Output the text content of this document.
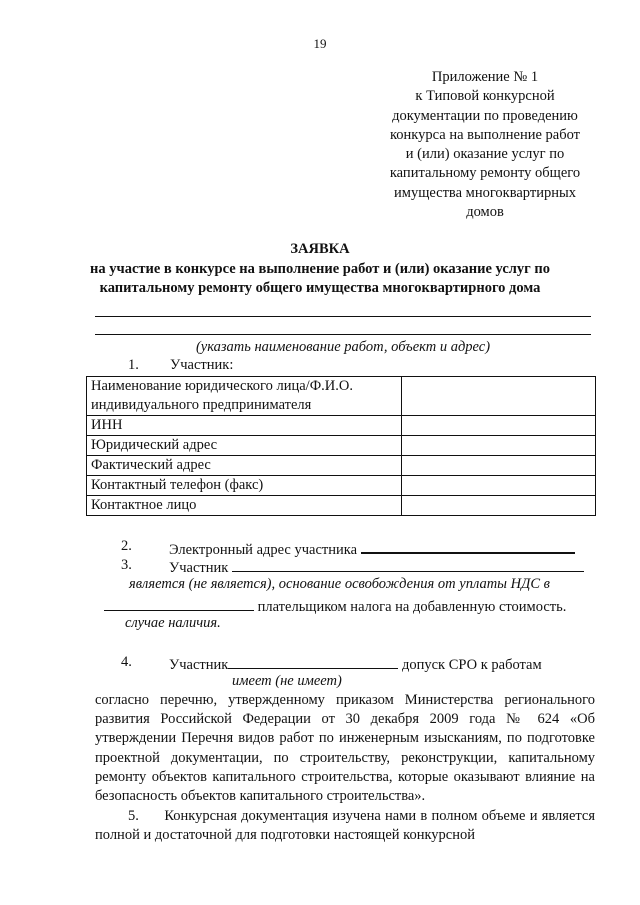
19
Приложение № 1
к Типовой конкурсной
документации по проведению
конкурса на выполнение работ
и (или) оказание услуг по
капитальному ремонту общего
имущества многоквартирных
домов
ЗАЯВКА
на участие в конкурсе на выполнение работ и (или) оказание услуг по
капитальному ремонту общего имущества многоквартирного дома
(указать наименование работ, объект и адрес)
1. Участник:
Наименование юридического лица/Ф.И.О.
индивидуального предпринимателя	

ИНН	
Юридический адрес	
Фактический адрес	
Контактный телефон (факс)	
Контактное лицо	
2.	Электронный адрес участника
3.	Участник
является (не является), основание освобождения от уплаты НДС в
плательщиком налога на добавленную стоимость.
случае наличия.
4.	Участник	допуск СРО к работам
имеет (не имеет)
согласно перечню, утвержденному приказом Министерства регионального развития Российской Федерации от 30 декабря 2009 года № 624 «Об утверждении Перечня видов работ по инженерным изысканиям, по подготовке проектной документации, по строительству, реконструкции, капитальному ремонту объектов капитального строительства, которые оказывают влияние на безопасность объектов капитального строительства».
5. Конкурсная документация изучена нами в полном объеме и является полной и достаточной для подготовки настоящей конкурсной
